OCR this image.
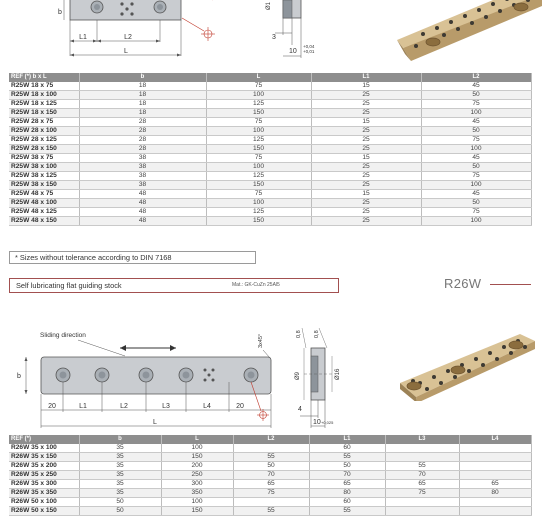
b
L1	L2
L
Ø1
3
10
+0,04
+0,01
REF (*) b x L	b	L	L1	L2
R25W 18 x 75	18	75	15	45
R25W 18 x 100	18	100	25	50
R25W 18 x 125	18	125	25	75
R25W 18 x 150	18	150	25	100
R25W 28 x 75	28	75	15	45
R25W 28 x 100	28	100	25	50
R25W 28 x 125	28	125	25	75
R25W 28 x 150	28	150	25	100
R25W 38 x 75	38	75	15	45
R25W 38 x 100	38	100	25	50
R25W 38 x 125	38	125	25	75
R25W 38 x 150	38	150	25	100
R25W 48 x 75	48	75	15	45
R25W 48 x 100	48	100	25	50
R25W 48 x 125	48	125	25	75
R25W 48 x 150	48	150	25	100
* Sizes without tolerance according to DIN 7168
Self lubricating flat guiding stock	Mat.: GK-CuZn 25Al5	R26W
Sliding direction
b
20	L1	L2	L3	L4	20
L
3x45°	0,8 0,8
Ø9	Ø16
4
10 +0,025
REF (*)	b	L	L2	L1	L3	L4
R26W 35 x 100	35	100		60		
R26W 35 x 150	35	150	55	55		
R26W 35 x 200	35	200	50	50	55	
R26W 35 x 250	35	250	70	70	70	
R26W 35 x 300	35	300	65	65	65	65
R26W 35 x 350	35	350	75	80	75	80
R26W 50 x 100	50	100		60		
R26W 50 x 150	50	150	55	55		
